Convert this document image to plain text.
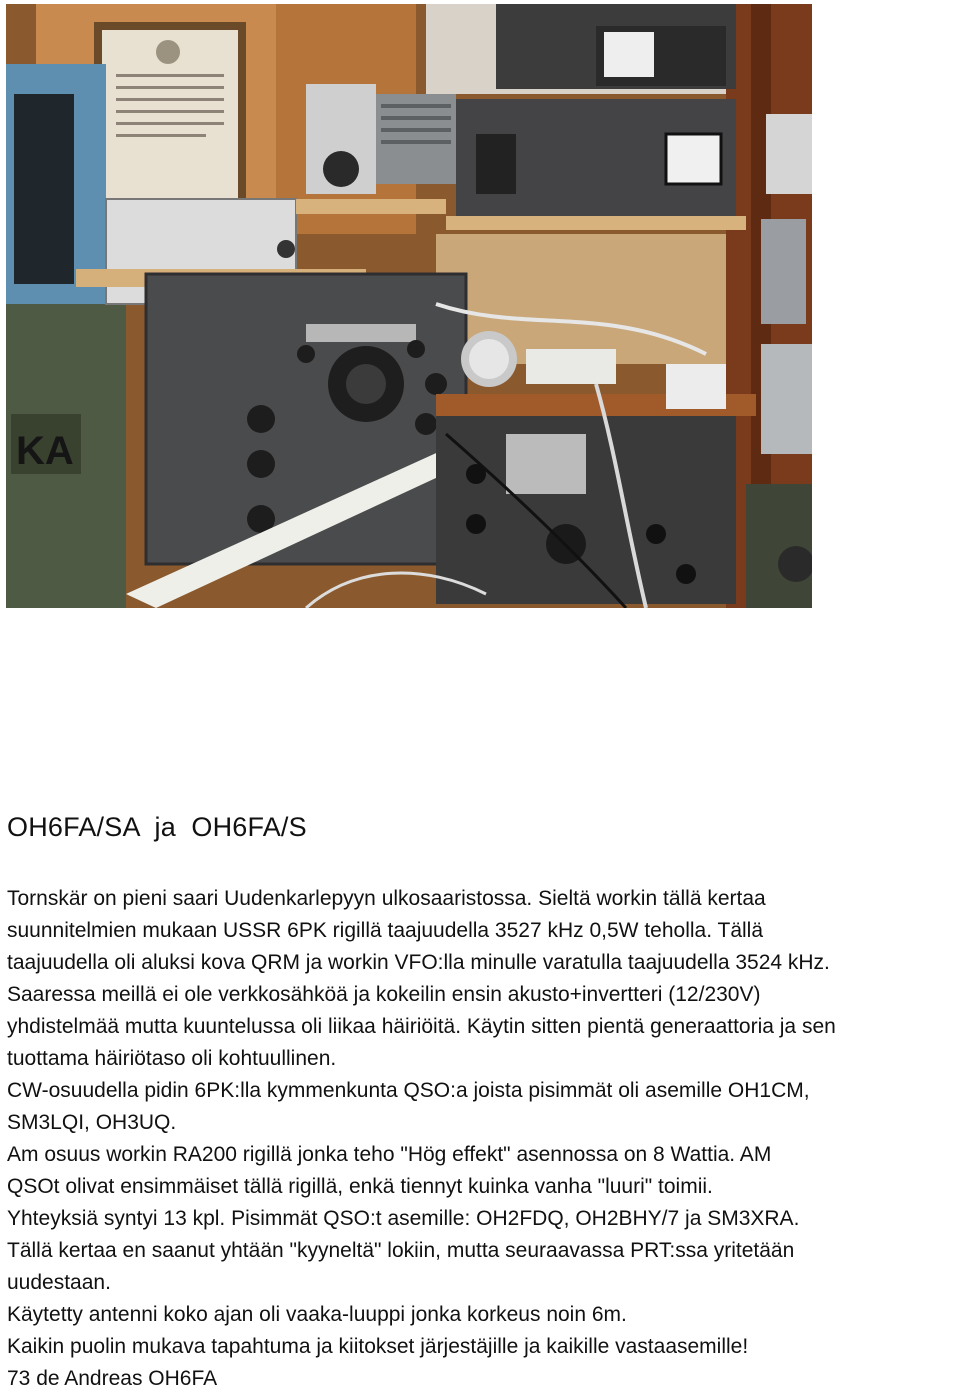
KA
OH6FA/SA  ja  OH6FA/S
Tornskär on pieni saari Uudenkarlepyyn ulkosaaristossa. Sieltä workin tällä kertaa
suunnitelmien mukaan USSR 6PK rigillä taajuudella 3527 kHz 0,5W teholla. Tällä
taajuudella oli aluksi kova QRM ja workin VFO:lla minulle varatulla taajuudella 3524 kHz.
Saaressa meillä ei ole verkkosähköä ja kokeilin ensin akusto+invertteri (12/230V)
yhdistelmää mutta kuuntelussa oli liikaa häiriöitä. Käytin sitten pientä generaattoria ja sen
tuottama häiriötaso oli kohtuullinen.
CW-osuudella pidin 6PK:lla kymmenkunta QSO:a joista pisimmät oli asemille OH1CM,
SM3LQI, OH3UQ.
Am osuus workin RA200 rigillä jonka teho "Hög effekt" asennossa on 8 Wattia. AM
QSOt olivat ensimmäiset tällä rigillä, enkä tiennyt kuinka vanha "luuri" toimii.
Yhteyksiä syntyi 13 kpl. Pisimmät QSO:t asemille: OH2FDQ, OH2BHY/7 ja SM3XRA.
Tällä kertaa en saanut yhtään "kyyneltä" lokiin, mutta seuraavassa PRT:ssa yritetään
uudestaan.
Käytetty antenni koko ajan oli vaaka-luuppi jonka korkeus noin 6m.
Kaikin puolin mukava tapahtuma ja kiitokset järjestäjille ja kaikille vastaasemille!
73 de Andreas OH6FA
